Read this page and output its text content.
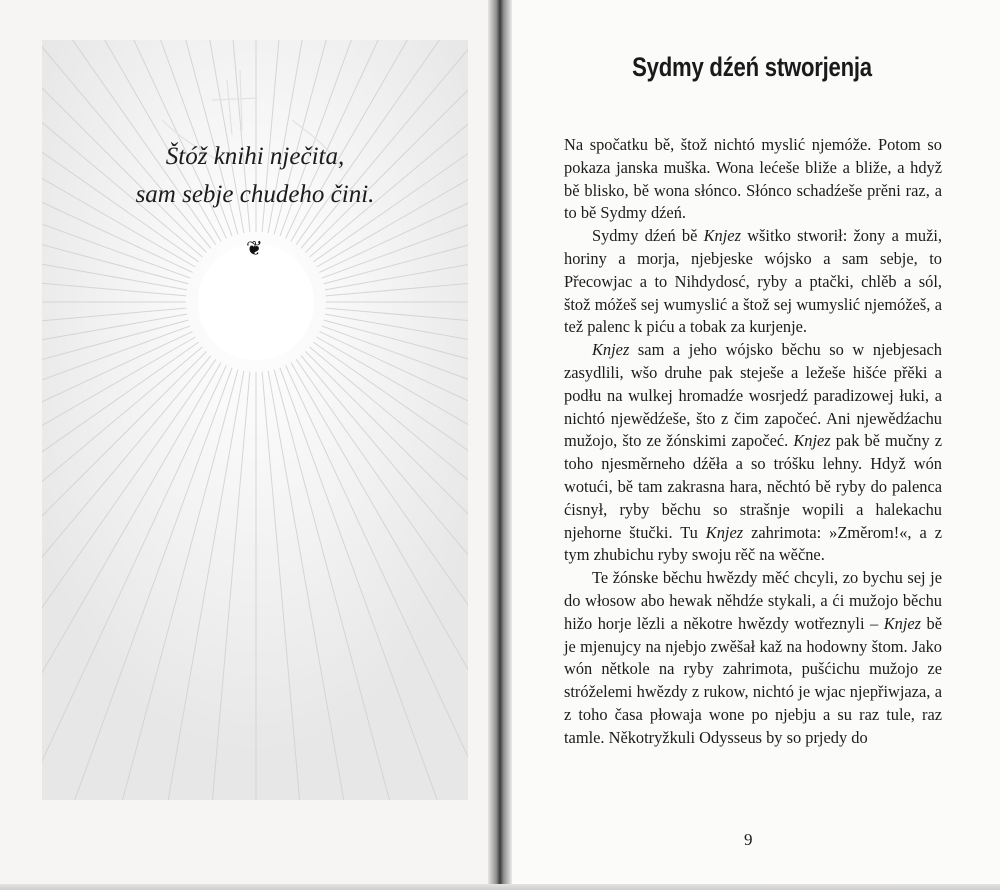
Štóž knihi nječita,
sam sebje chudeho čini.
❦
Sydmy dźeń stworjenja

Na spočatku bě, štož nichtó myslić njemóže. Potom so pokaza janska muška. Wona lećeše bliže a bliže, a hdyž bě blisko, bě wona słónco. Słónco schadźeše prěni raz, a to bě Sydmy dźeń.

Sydmy dźeń bě Knjez wšitko stworił: žony a muži, horiny a morja, njebjeske wójsko a sam sebje, to Přecowjac a to Nihdydosć, ryby a ptački, chlěb a sól, štož móžeš sej wumyslić a štož sej wumyslić njemóžeš, a tež palenc k piću a tobak za kurjenje.

Knjez sam a jeho wójsko běchu so w njebjesach zasydlili, wšo druhe pak steješe a ležeše hišće přěki a podłu na wulkej hromadźe wosrjedź paradizowej łuki, a nichtó njewědźeše, što z čim započeć. Ani njewědźachu mužojo, što ze žónskimi započeć. Knjez pak bě mučny z toho njesměrneho dźěła a so tróšku lehny. Hdyž wón wotući, bě tam zakrasna hara, něchtó bě ryby do palenca ćisnył, ryby běchu so strašnje wopili a halekachu njehorne štučki. Tu Knjez zahrimota: »Změrom!«, a z tym zhubichu ryby swoju rěč na wěčne.

Te žónske běchu hwězdy měć chcyli, zo bychu sej je do włosow abo hewak něhdźe stykali, a ći mužojo běchu hižo horje lězli a někotre hwězdy wotřeznyli – Knjez bě je mjenujcy na njebjo zwěšał kaž na hodowny štom. Jako wón nětkole na ryby zahrimota, pušćichu mužojo ze stróželemi hwězdy z rukow, nichtó je wjac njepřiwjaza, a z toho časa płowaja wone po njebju a su raz tule, raz tamle. Někotryžkuli Odysseus by so prjedy do

9
